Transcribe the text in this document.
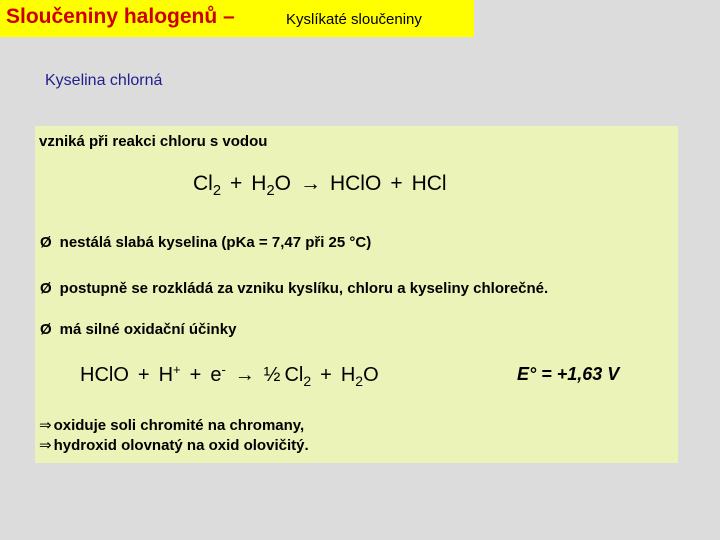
Sloučeniny halogenů –	Kyslíkaté sloučeniny
Kyselina chlorná
vzniká při reakci chloru s vodou
$Cl_2 + H_2O$ → HClO + HCl
Ø nestálá slabá kyselina (pKa = 7,47 při 25 °C)
Ø postupně se rozkládá za vzniku kyslíku, chloru a kyseliny chlorečné.
Ø má silné oxidační účinky
HClO + H+ + e- → ½ $Cl_2 + H_2O$	E° = +1,63 V
⇒ oxiduje soli chromité na chromany,
⇒ hydroxid olovnatý na oxid olovičitý.
